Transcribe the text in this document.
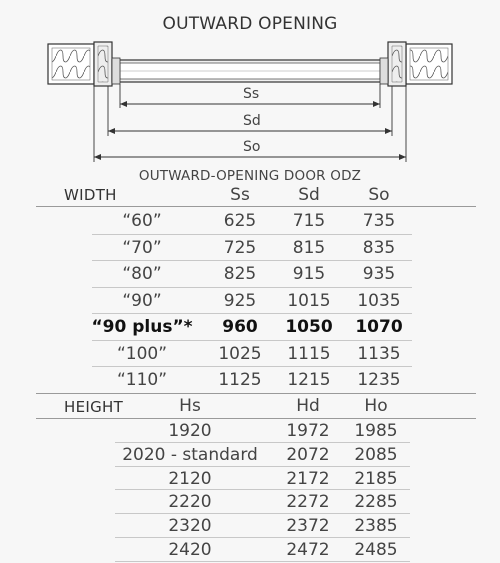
OUTWARD OPENING
Ss
Sd
So
OUTWARD-OPENING DOOR ODZ
WIDTH	Ss	Sd	So
“60”	625	715	735
“70”	725	815	835
“80”	825	915	935
“90”	925	1015	1035
“90 plus”*	960	1050	1070
“100”	1025	1115	1135
“110”	1125	1215	1235
HEIGHT	Hs	Hd	Ho
1920	1972	1985
2020 - standard	2072	2085
2120	2172	2185
2220	2272	2285
2320	2372	2385
2420	2472	2485
